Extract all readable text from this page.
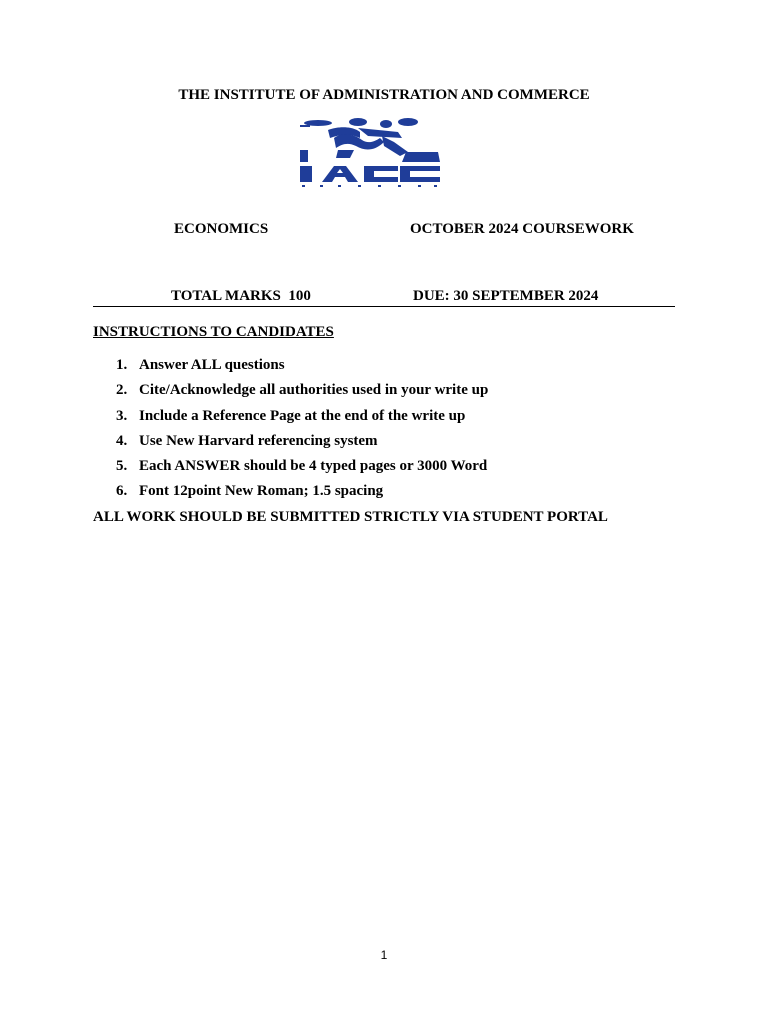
THE INSTITUTE OF ADMINISTRATION AND COMMERCE
ECONOMICS	OCTOBER 2024 COURSEWORK
TOTAL MARKS  100	DUE: 30 SEPTEMBER 2024
INSTRUCTIONS TO CANDIDATES
1. Answer ALL questions
2. Cite/Acknowledge all authorities used in your write up
3. Include a Reference Page at the end of the write up
4. Use New Harvard referencing system
5. Each ANSWER should be 4 typed pages or 3000 Word
6. Font 12point New Roman; 1.5 spacing
ALL WORK SHOULD BE SUBMITTED STRICTLY VIA STUDENT PORTAL
1
